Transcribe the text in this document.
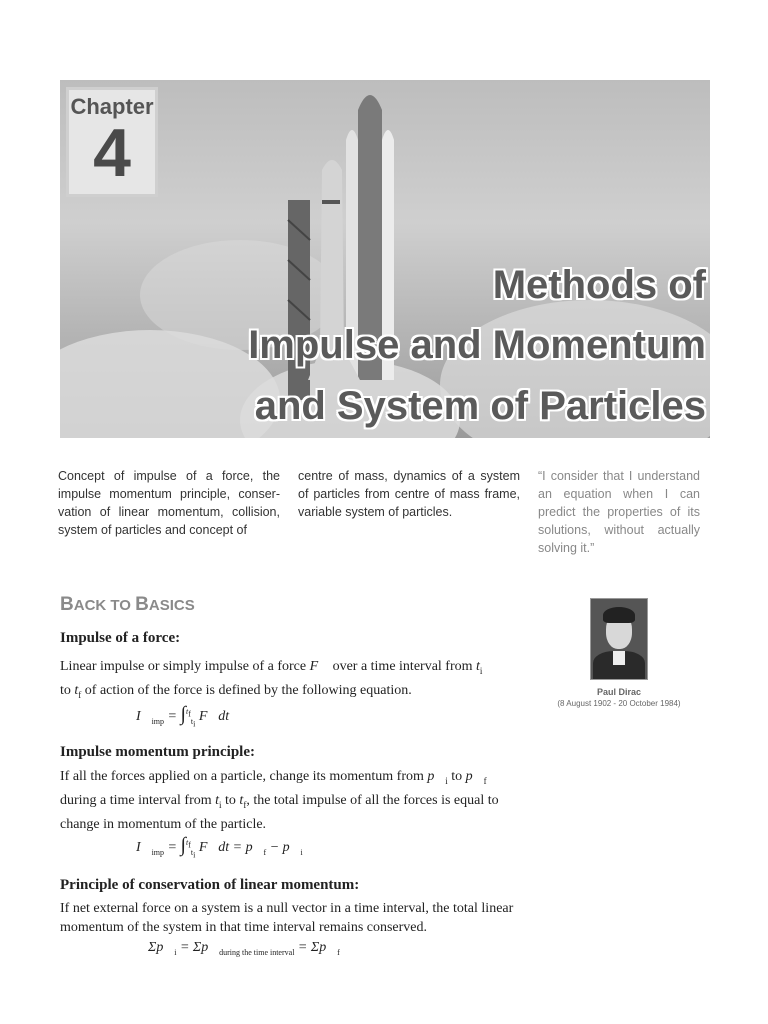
Chapter
4
Methods of
Impulse and Momentum
and System of Particles
Concept of impulse of a force, the impulse momentum principle, conser-vation of linear momentum, collision, system of particles and concept of
centre of mass, dynamics of a system of particles from centre of mass frame, variable system of particles.
“I consider that I understand an equation when I can predict the properties of its solutions, without actually solving it.”
BACK TO BASICS
Paul Dirac
(8 August 1902 - 20 October 1984)
Impulse of a force:
Linear impulse or simply impulse of a force F⃗ over a time interval from $t_i$
to $t_f$ of action of the force is defined by the following equation.
$I⃗_{imp} = \int^{t_f}_{t_i}$ F⃗dt
Impulse momentum principle:
If all the forces applied on a particle, change its momentum from $p⃗_i$ to $p⃗_f$
during a time interval from $t_i$ to $t_f$, the total impulse of all the forces is equal to change in momentum of the particle.
$I⃗_{imp} = \int^{t_f}_{t_i}$ F⃗dt = $p⃗_f$ − $p⃗_i$
Principle of conservation of linear momentum:
If net external force on a system is a null vector in a time interval, the total linear momentum of the system in that time interval remains conserved.
$\Sigma p⃗_i$ = $\Sigma p⃗_{during the time interval}$ = $\Sigma p⃗_f$
